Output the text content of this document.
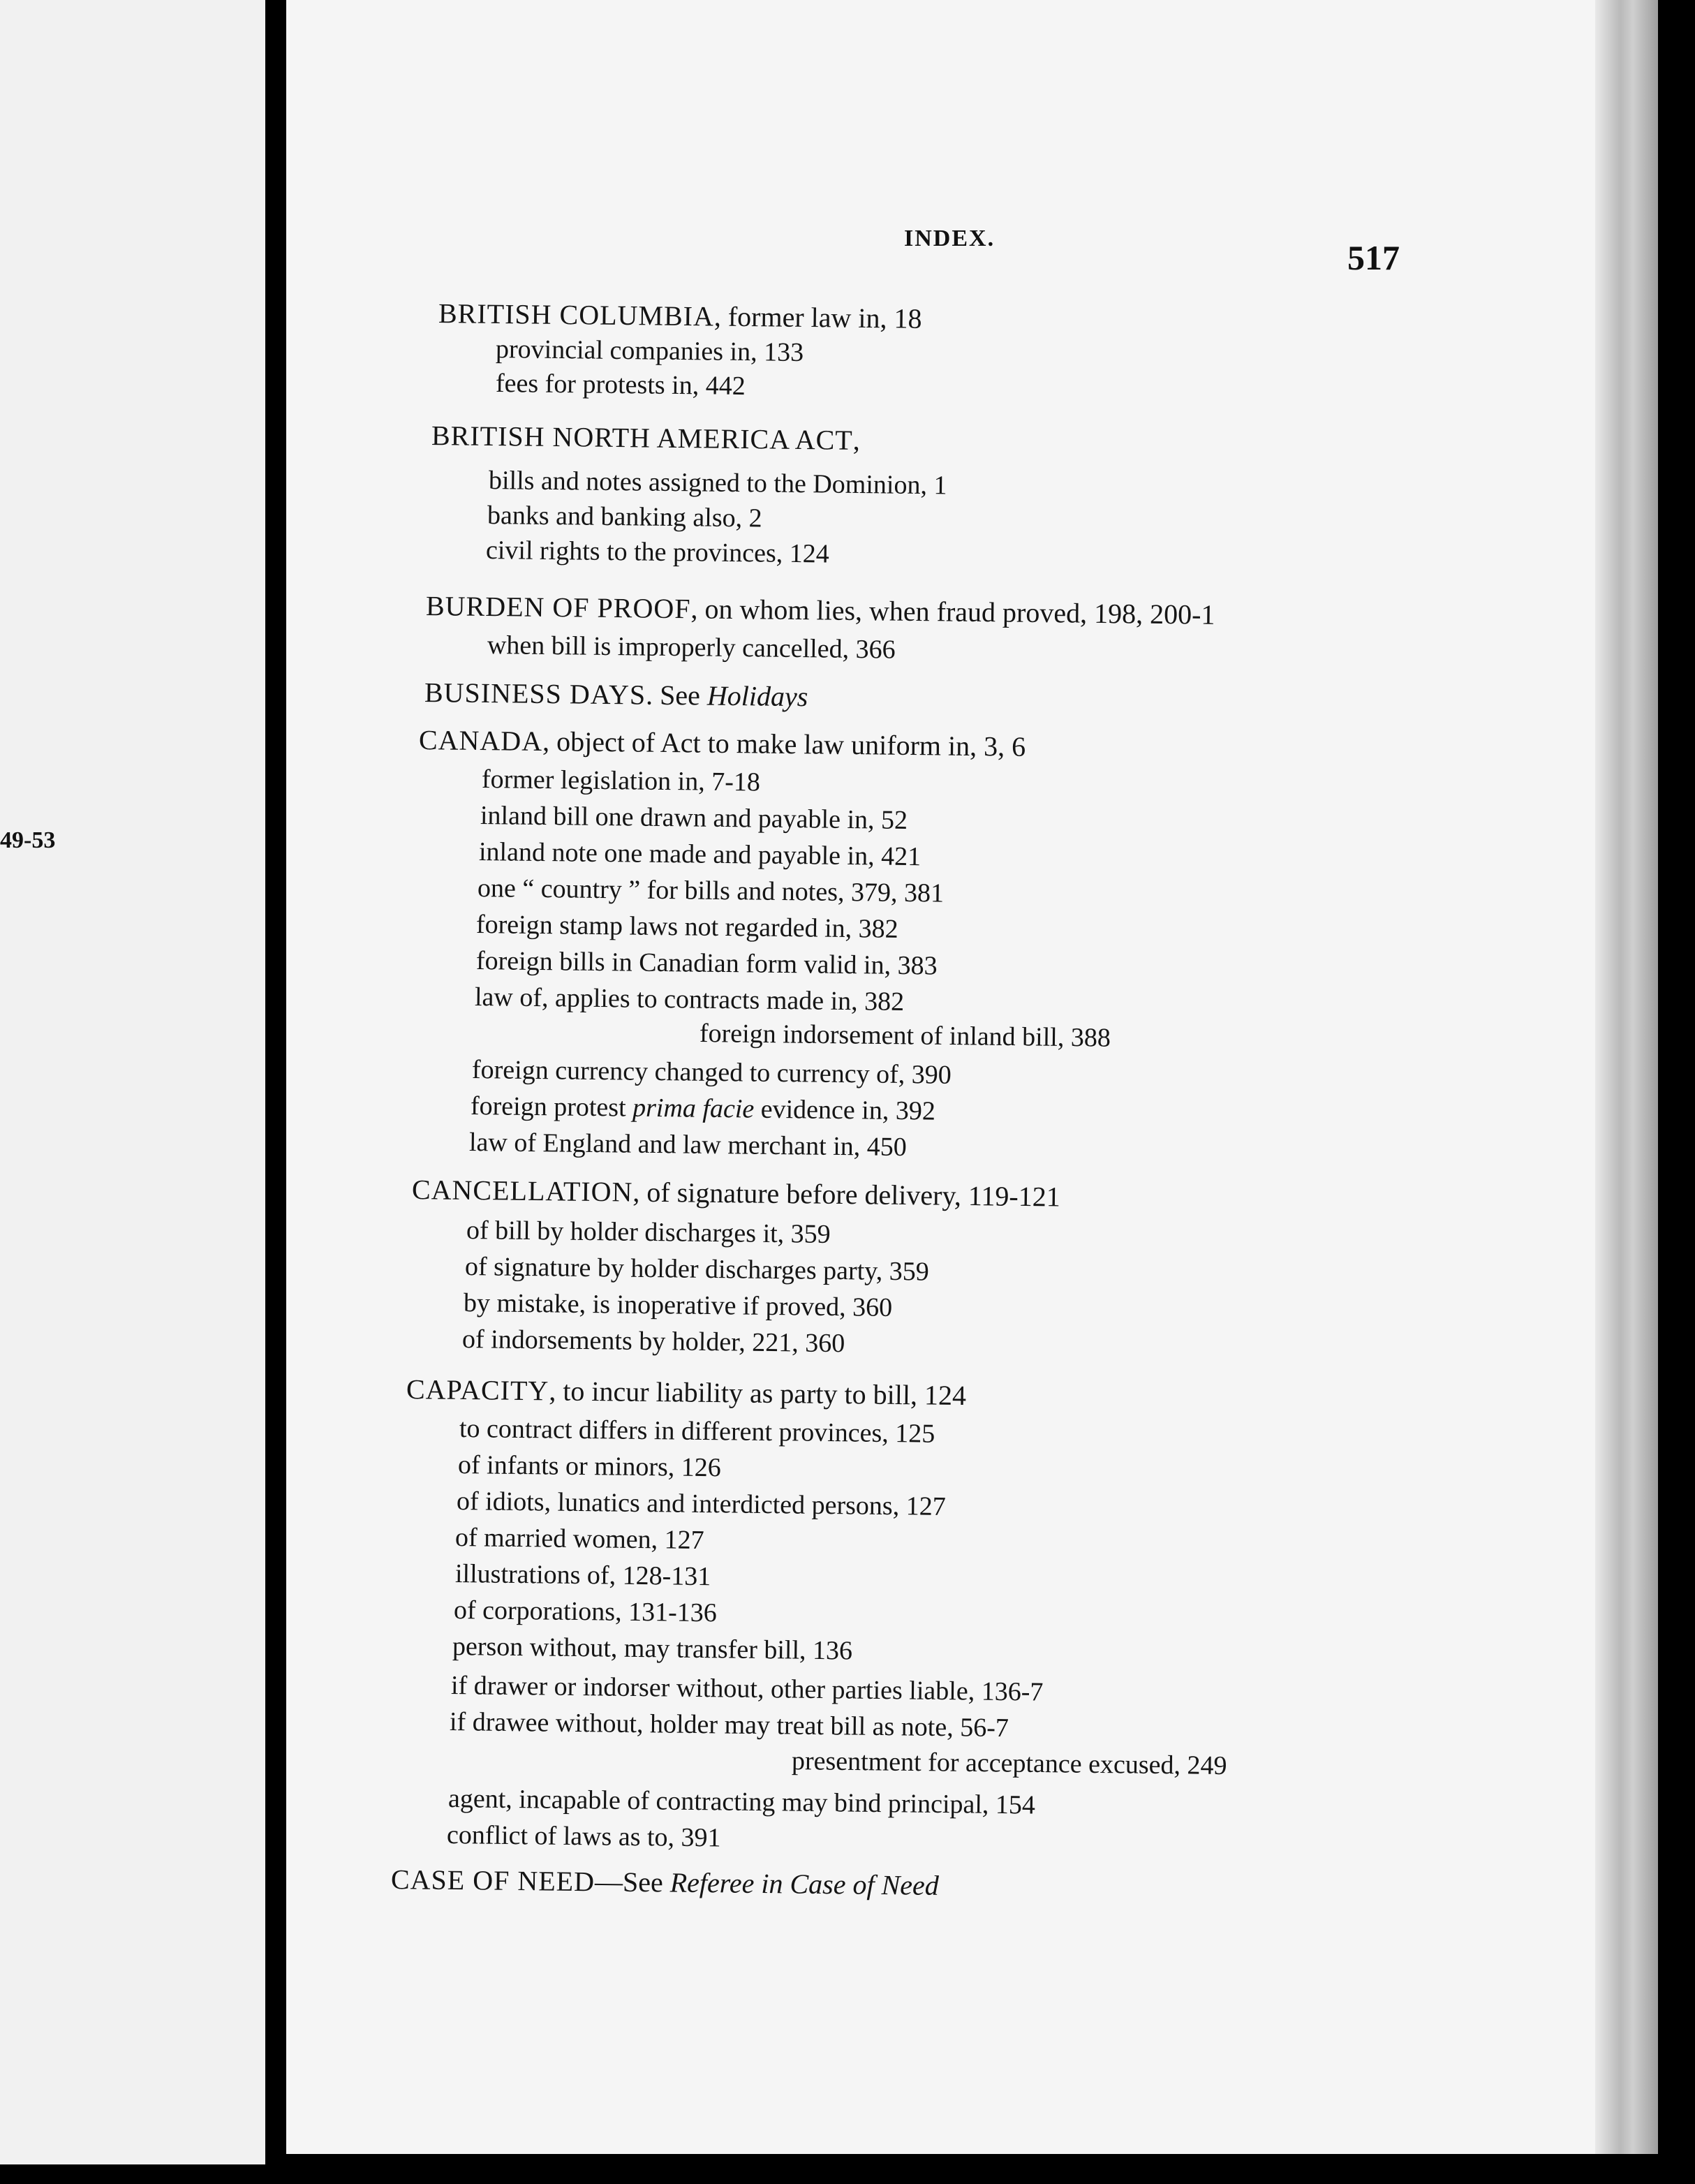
49-53
INDEX.	517
BRITISH COLUMBIA, former law in, 18
provincial companies in, 133
fees for protests in, 442
BRITISH NORTH AMERICA ACT,
bills and notes assigned to the Dominion, 1
banks and banking also, 2
civil rights to the provinces, 124
BURDEN OF PROOF, on whom lies, when fraud proved, 198, 200-1
when bill is improperly cancelled, 366
BUSINESS DAYS. See Holidays
CANADA, object of Act to make law uniform in, 3, 6
former legislation in, 7-18
inland bill one drawn and payable in, 52
inland note one made and payable in, 421
one “ country ” for bills and notes, 379, 381
foreign stamp laws not regarded in, 382
foreign bills in Canadian form valid in, 383
law of, applies to contracts made in, 382
foreign indorsement of inland bill, 388
foreign currency changed to currency of, 390
foreign protest prima facie evidence in, 392
law of England and law merchant in, 450
CANCELLATION, of signature before delivery, 119-121
of bill by holder discharges it, 359
of signature by holder discharges party, 359
by mistake, is inoperative if proved, 360
of indorsements by holder, 221, 360
CAPACITY, to incur liability as party to bill, 124
to contract differs in different provinces, 125
of infants or minors, 126
of idiots, lunatics and interdicted persons, 127
of married women, 127
illustrations of, 128-131
of corporations, 131-136
person without, may transfer bill, 136
if drawer or indorser without, other parties liable, 136-7
if drawee without, holder may treat bill as note, 56-7
presentment for acceptance excused, 249
agent, incapable of contracting may bind principal, 154
conflict of laws as to, 391
CASE OF NEED—See Referee in Case of Need
